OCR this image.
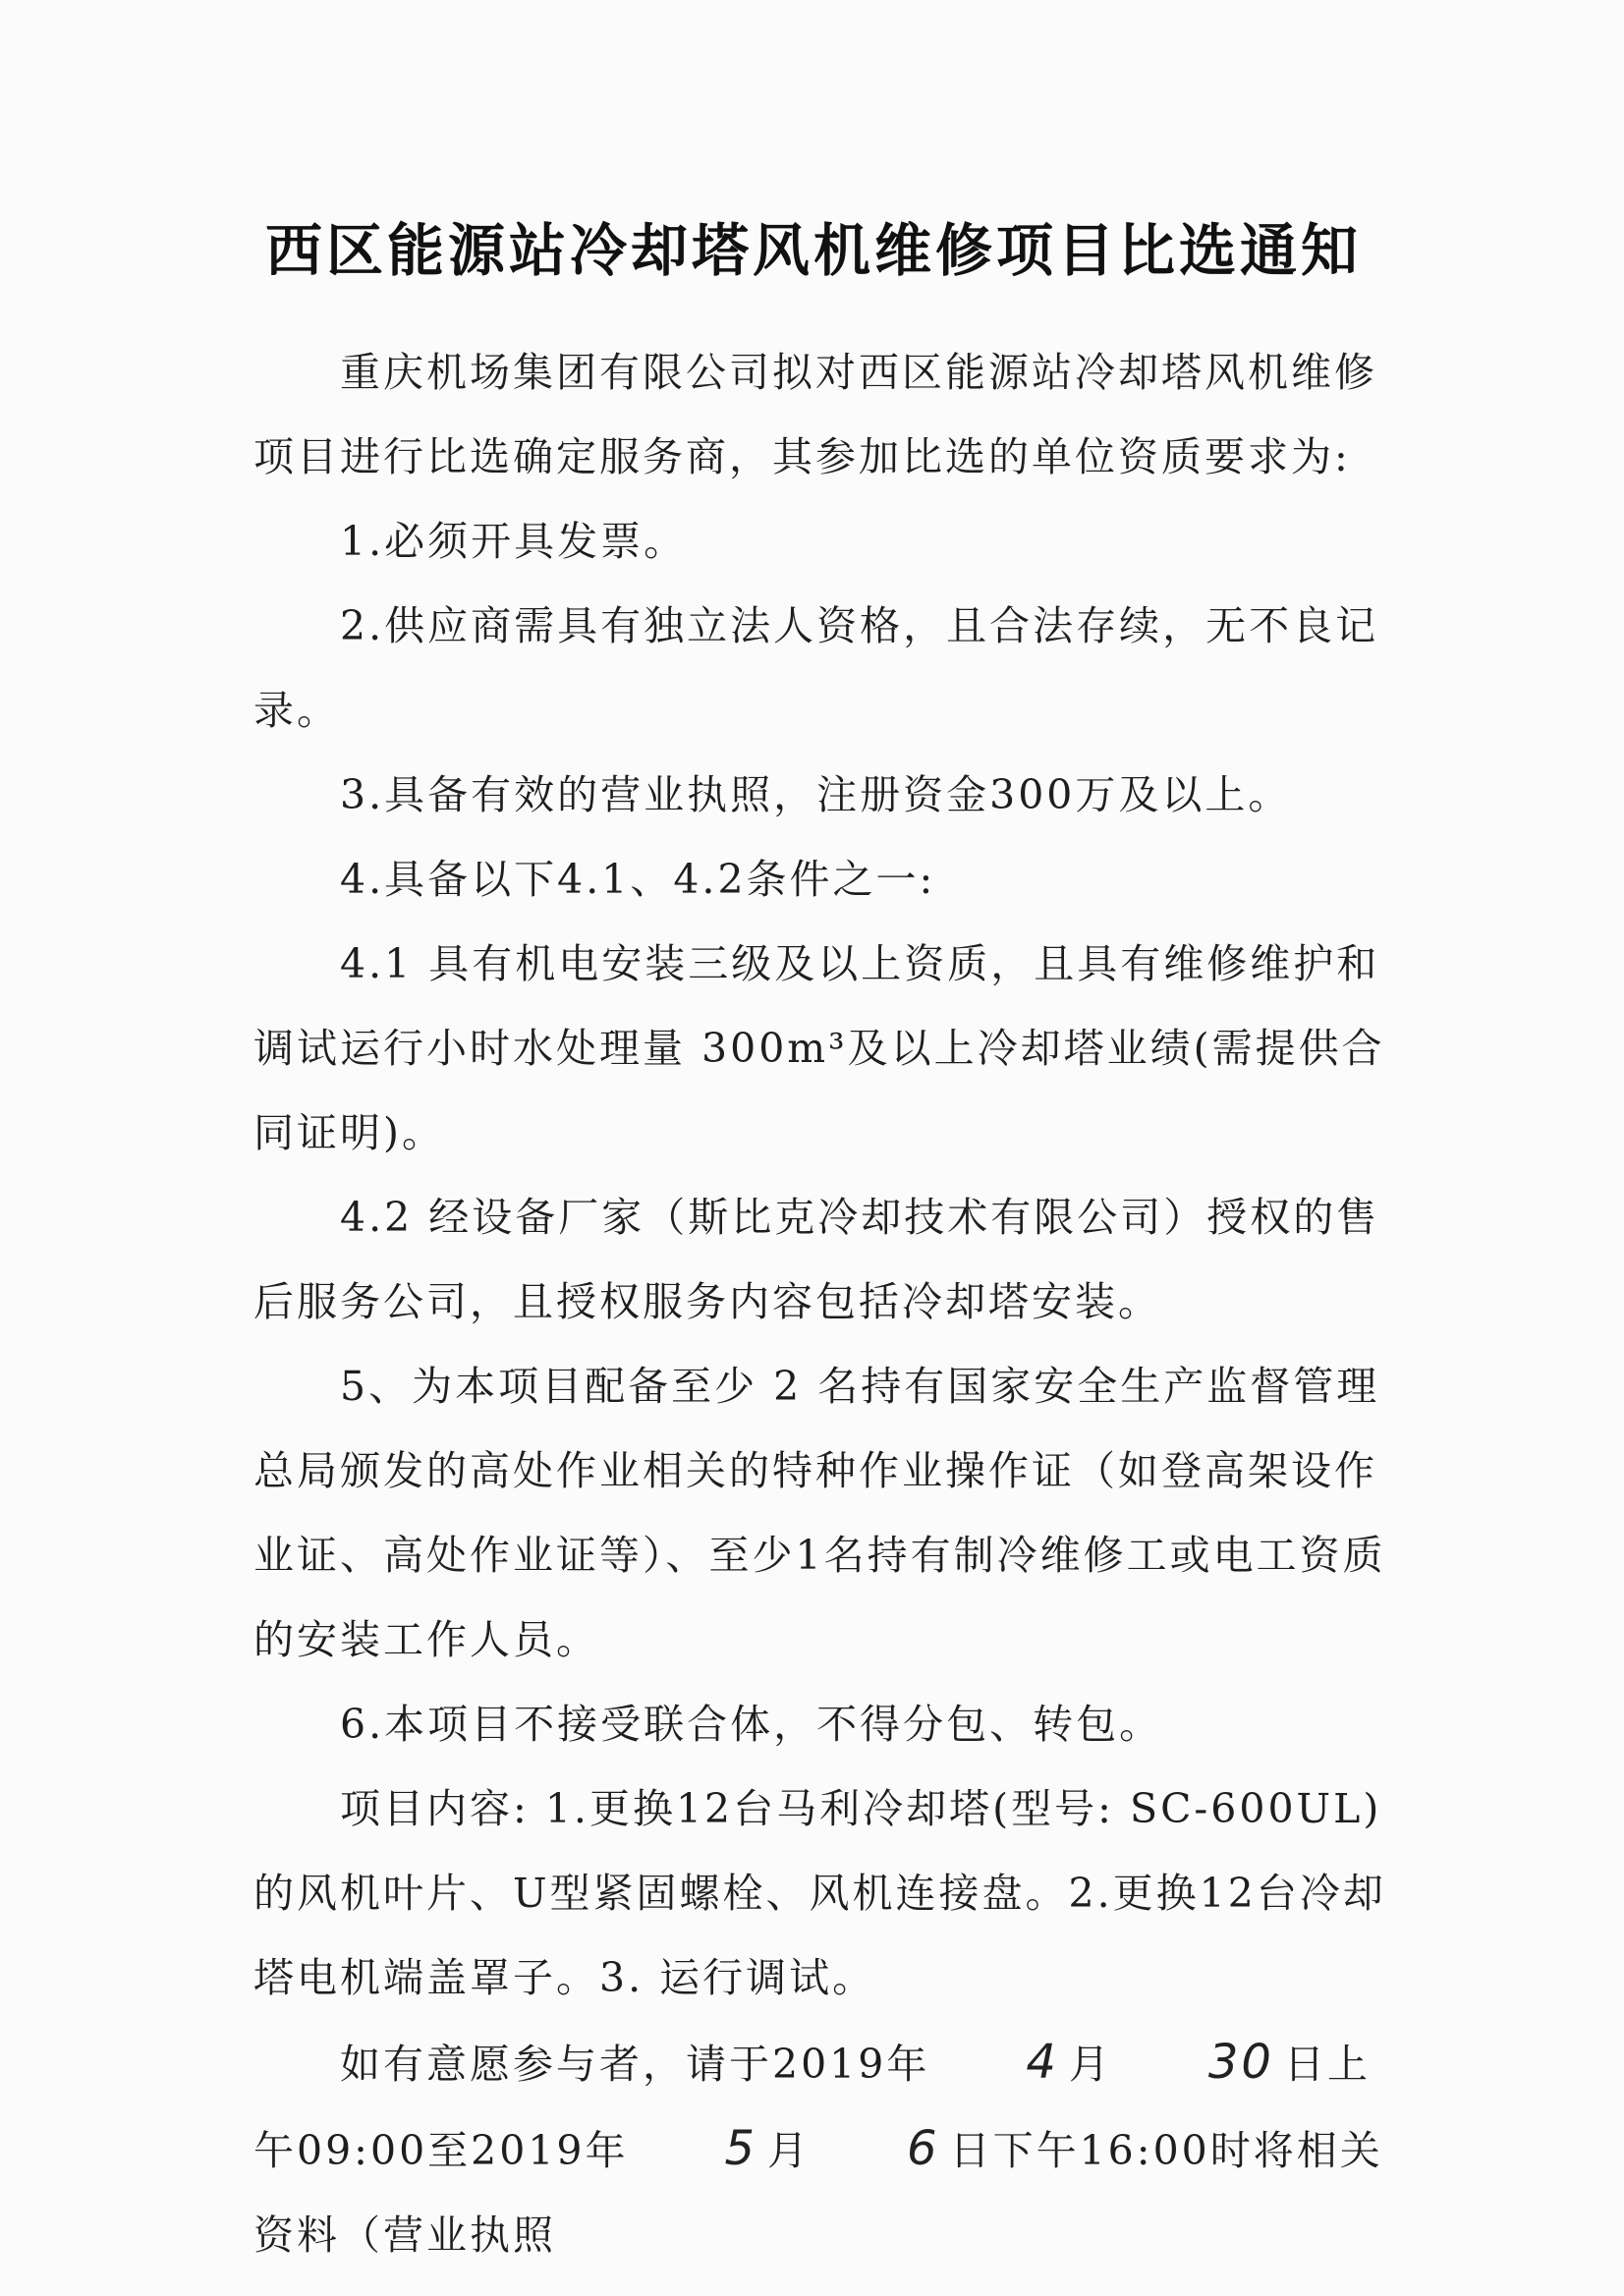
西区能源站冷却塔风机维修项目比选通知

重庆机场集团有限公司拟对西区能源站冷却塔风机维修项目进行比选确定服务商，其参加比选的单位资质要求为:

1.必须开具发票。

2.供应商需具有独立法人资格，且合法存续，无不良记录。

3.具备有效的营业执照，注册资金300万及以上。

4.具备以下4.1、4.2条件之一:

4.1 具有机电安装三级及以上资质，且具有维修维护和调试运行小时水处理量 300m³及以上冷却塔业绩(需提供合同证明)。

4.2 经设备厂家（斯比克冷却技术有限公司）授权的售后服务公司，且授权服务内容包括冷却塔安装。

5、为本项目配备至少 2 名持有国家安全生产监督管理总局颁发的高处作业相关的特种作业操作证（如登高架设作业证、高处作业证等）、至少1名持有制冷维修工或电工资质的安装工作人员。

6.本项目不接受联合体，不得分包、转包。

项目内容: 1.更换12台马利冷却塔(型号: SC-600UL)的风机叶片、U型紧固螺栓、风机连接盘。2.更换12台冷却塔电机端盖罩子。3. 运行调试。

如有意愿参与者，请于2019年 4 月 30 日上午09:00至2019年 5 月 6 日下午16:00时将相关资料（营业执照
